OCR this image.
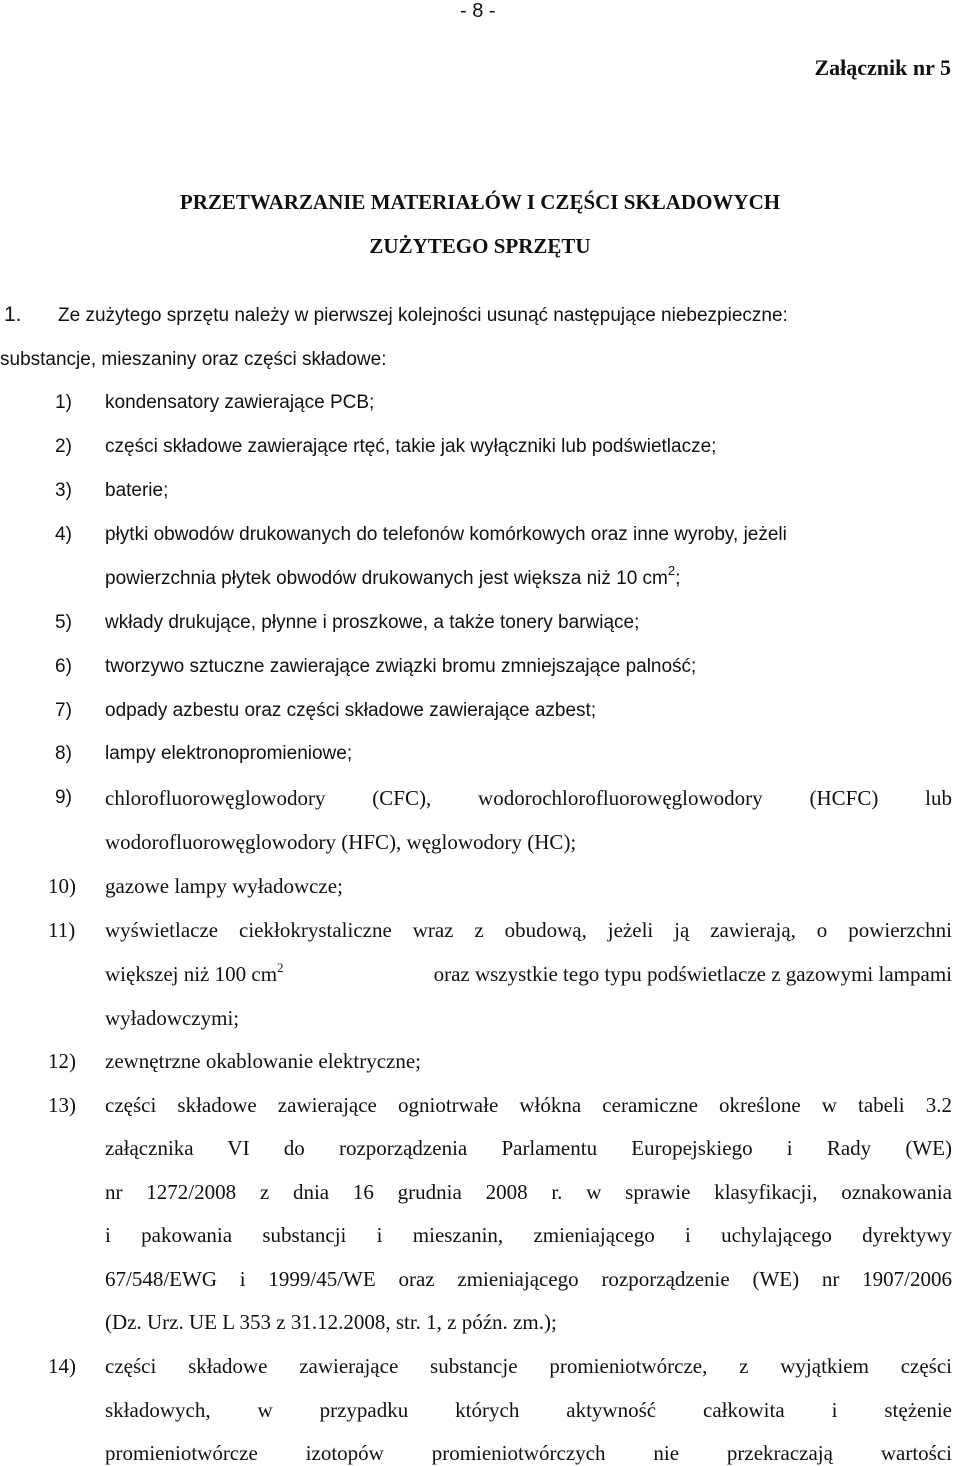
- 8 -
Załącznik nr 5
PRZETWARZANIE MATERIAŁÓW I CZĘŚCI SKŁADOWYCH
ZUŻYTEGO SPRZĘTU
1. Ze zużytego sprzętu należy w pierwszej kolejności usunąć następujące niebezpieczne:
substancje, mieszaniny oraz części składowe:
1) kondensatory zawierające PCB;
2) części składowe zawierające rtęć, takie jak wyłączniki lub podświetlacze;
3) baterie;
4) płytki obwodów drukowanych do telefonów komórkowych oraz inne wyroby, jeżeli
powierzchnia płytek obwodów drukowanych jest większa niż 10 $cm^2$;
5) wkłady drukujące, płynne i proszkowe, a także tonery barwiące;
6) tworzywo sztuczne zawierające związki bromu zmniejszające palność;
7) odpady azbestu oraz części składowe zawierające azbest;
8) lampy elektronopromieniowe;
9) chlorofluorowęglowodory (CFC), wodorochlorofluorowęglowodory (HCFC) lub
wodorofluorowęglowodory (HFC), węglowodory (HC);
10) gazowe lampy wyładowcze;
11) wyświetlacze ciekłokrystaliczne wraz z obudową, jeżeli ją zawierają, o powierzchni
większej niż 100 $cm^2$	oraz wszystkie tego typu podświetlacze z gazowymi lampami
wyładowczymi;
12) zewnętrzne okablowanie elektryczne;
13) części składowe zawierające ogniotrwałe włókna ceramiczne określone w tabeli 3.2
załącznika VI do rozporządzenia Parlamentu Europejskiego i Rady (WE)
nr 1272/2008 z dnia 16 grudnia 2008 r. w sprawie klasyfikacji, oznakowania
i pakowania substancji i mieszanin, zmieniającego i uchylającego dyrektywy
67/548/EWG i 1999/45/WE oraz zmieniającego rozporządzenie (WE) nr 1907/2006
(Dz. Urz. UE L 353 z 31.12.2008, str. 1, z późn. zm.);
14) części składowe zawierające substancje promieniotwórcze, z wyjątkiem części
składowych, w przypadku których aktywność całkowita i stężenie
promieniotwórcze izotopów promieniotwórczych nie przekraczają wartości
